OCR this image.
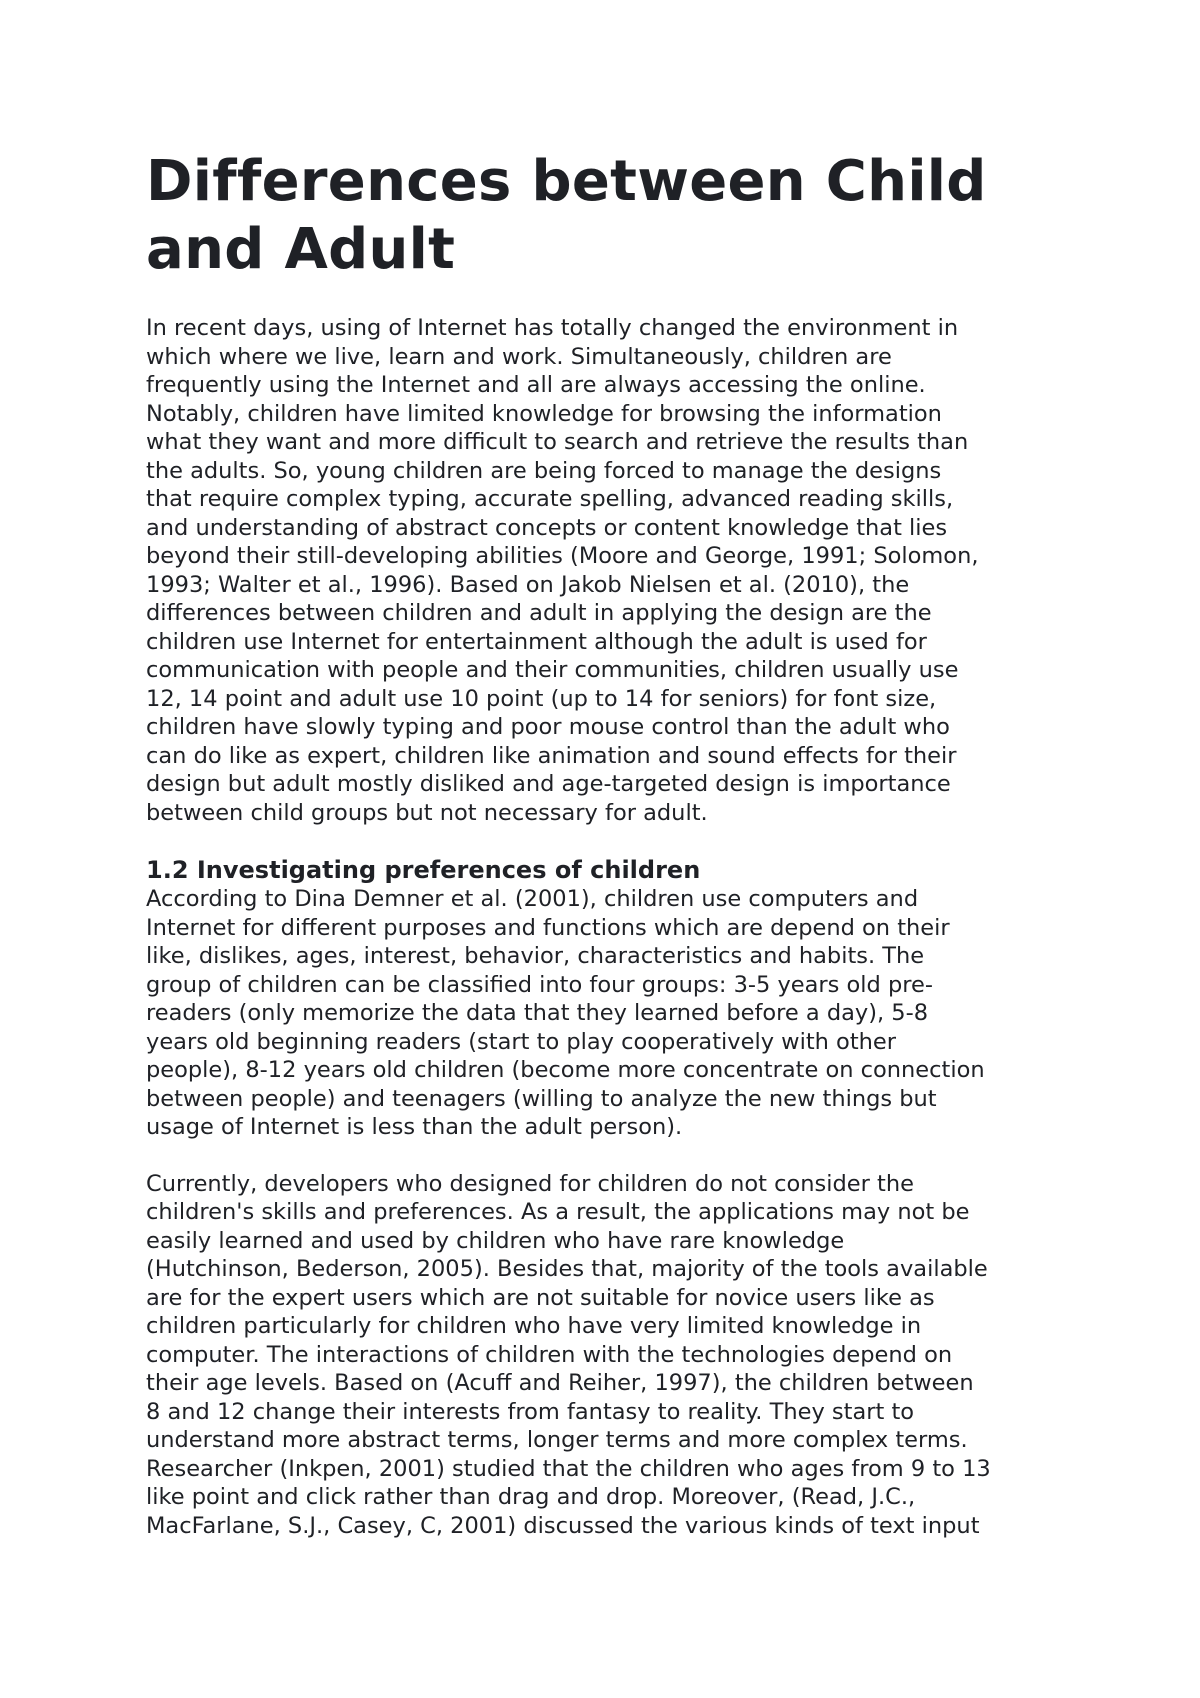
Differences between Child
and Adult

In recent days, using of Internet has totally changed the environment in
which where we live, learn and work. Simultaneously, children are
frequently using the Internet and all are always accessing the online.
Notably, children have limited knowledge for browsing the information
what they want and more difficult to search and retrieve the results than
the adults. So, young children are being forced to manage the designs
that require complex typing, accurate spelling, advanced reading skills,
and understanding of abstract concepts or content knowledge that lies
beyond their still-developing abilities (Moore and George, 1991; Solomon,
1993; Walter et al., 1996). Based on Jakob Nielsen et al. (2010), the
differences between children and adult in applying the design are the
children use Internet for entertainment although the adult is used for
communication with people and their communities, children usually use
12, 14 point and adult use 10 point (up to 14 for seniors) for font size,
children have slowly typing and poor mouse control than the adult who
can do like as expert, children like animation and sound effects for their
design but adult mostly disliked and age-targeted design is importance
between child groups but not necessary for adult.

1.2 Investigating preferences of children

According to Dina Demner et al. (2001), children use computers and
Internet for different purposes and functions which are depend on their
like, dislikes, ages, interest, behavior, characteristics and habits. The
group of children can be classified into four groups: 3-5 years old pre-
readers (only memorize the data that they learned before a day), 5-8
years old beginning readers (start to play cooperatively with other
people), 8-12 years old children (become more concentrate on connection
between people) and teenagers (willing to analyze the new things but
usage of Internet is less than the adult person).

Currently, developers who designed for children do not consider the
children's skills and preferences. As a result, the applications may not be
easily learned and used by children who have rare knowledge
(Hutchinson, Bederson, 2005). Besides that, majority of the tools available
are for the expert users which are not suitable for novice users like as
children particularly for children who have very limited knowledge in
computer. The interactions of children with the technologies depend on
their age levels. Based on (Acuff and Reiher, 1997), the children between
8 and 12 change their interests from fantasy to reality. They start to
understand more abstract terms, longer terms and more complex terms.
Researcher (Inkpen, 2001) studied that the children who ages from 9 to 13
like point and click rather than drag and drop. Moreover, (Read, J.C.,
MacFarlane, S.J., Casey, C, 2001) discussed the various kinds of text input
